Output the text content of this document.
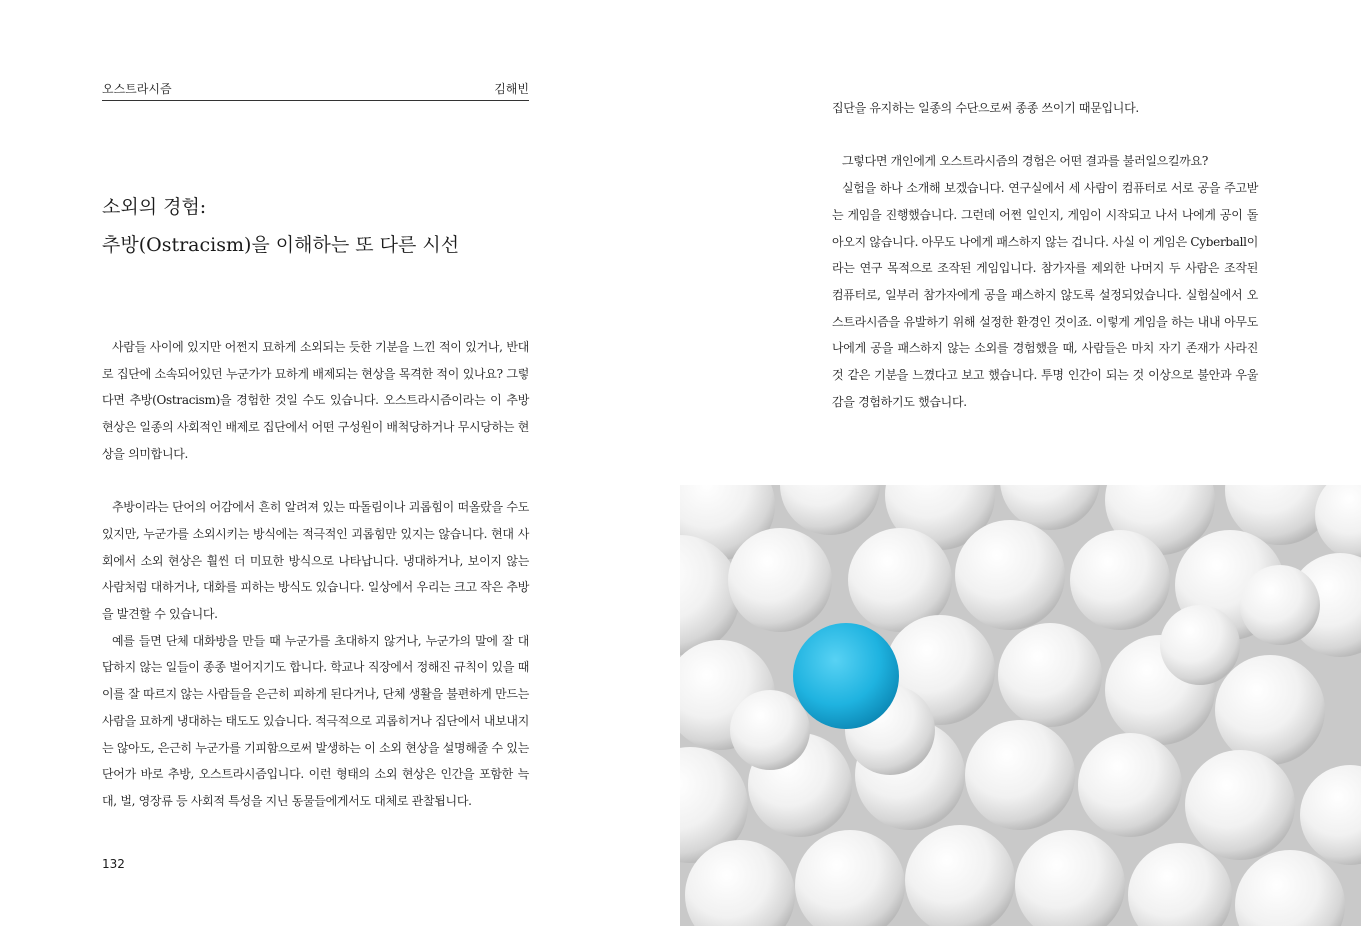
오스트라시즘	김해빈
소외의 경험:
추방(Ostracism)을 이해하는 또 다른 시선

사람들 사이에 있지만 어쩐지 묘하게 소외되는 듯한 기분을 느낀 적이 있거나, 반대로 집단에 소속되어있던 누군가가 묘하게 배제되는 현상을 목격한 적이 있나요? 그렇다면 추방(Ostracism)을 경험한 것일 수도 있습니다. 오스트라시즘이라는 이 추방 현상은 일종의 사회적인 배제로 집단에서 어떤 구성원이 배척당하거나 무시당하는 현상을 의미합니다.

추방이라는 단어의 어감에서 흔히 알려져 있는 따돌림이나 괴롭힘이 떠올랐을 수도 있지만, 누군가를 소외시키는 방식에는 적극적인 괴롭힘만 있지는 않습니다. 현대 사회에서 소외 현상은 훨씬 더 미묘한 방식으로 나타납니다. 냉대하거나, 보이지 않는 사람처럼 대하거나, 대화를 피하는 방식도 있습니다. 일상에서 우리는 크고 작은 추방을 발견할 수 있습니다.

예를 들면 단체 대화방을 만들 때 누군가를 초대하지 않거나, 누군가의 말에 잘 대답하지 않는 일들이 종종 벌어지기도 합니다. 학교나 직장에서 정해진 규칙이 있을 때 이를 잘 따르지 않는 사람들을 은근히 피하게 된다거나, 단체 생활을 불편하게 만드는 사람을 묘하게 냉대하는 태도도 있습니다. 적극적으로 괴롭히거나 집단에서 내보내지는 않아도, 은근히 누군가를 기피함으로써 발생하는 이 소외 현상을 설명해줄 수 있는 단어가 바로 추방, 오스트라시즘입니다. 이런 형태의 소외 현상은 인간을 포함한 늑대, 벌, 영장류 등 사회적 특성을 지닌 동물들에게서도 대체로 관찰됩니다.

132

집단을 유지하는 일종의 수단으로써 종종 쓰이기 때문입니다.

그렇다면 개인에게 오스트라시즘의 경험은 어떤 결과를 불러일으킬까요?

실험을 하나 소개해 보겠습니다. 연구실에서 세 사람이 컴퓨터로 서로 공을 주고받는 게임을 진행했습니다. 그런데 어쩐 일인지, 게임이 시작되고 나서 나에게 공이 돌아오지 않습니다. 아무도 나에게 패스하지 않는 겁니다. 사실 이 게임은 Cyberball이라는 연구 목적으로 조작된 게임입니다. 참가자를 제외한 나머지 두 사람은 조작된 컴퓨터로, 일부러 참가자에게 공을 패스하지 않도록 설정되었습니다. 실험실에서 오스트라시즘을 유발하기 위해 설정한 환경인 것이죠. 이렇게 게임을 하는 내내 아무도 나에게 공을 패스하지 않는 소외를 경험했을 때, 사람들은 마치 자기 존재가 사라진 것 같은 기분을 느꼈다고 보고 했습니다. 투명 인간이 되는 것 이상으로 불안과 우울감을 경험하기도 했습니다.
